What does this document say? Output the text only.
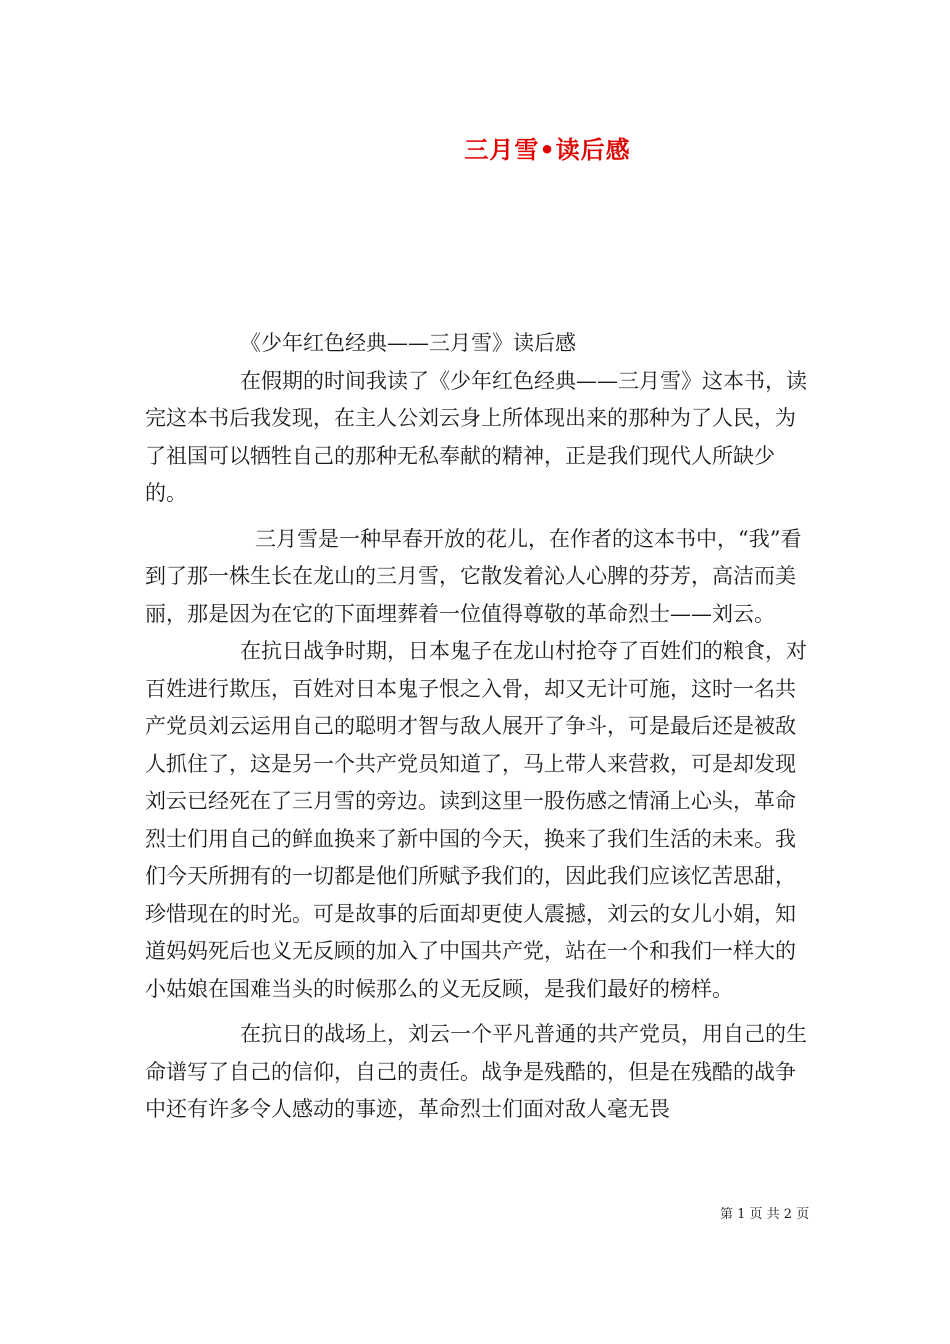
三月雪•读后感

《少年红色经典——三月雪》读后感

在假期的时间我读了《少年红色经典——三月雪》这本书，读完这本书后我发现，在主人公刘云身上所体现出来的那种为了人民，为了祖国可以牺牲自己的那种无私奉献的精神，正是我们现代人所缺少的。

三月雪是一种早春开放的花儿，在作者的这本书中，“我”看到了那一株生长在龙山的三月雪，它散发着沁人心脾的芬芳，高洁而美丽，那是因为在它的下面埋葬着一位值得尊敬的革命烈士——刘云。

在抗日战争时期，日本鬼子在龙山村抢夺了百姓们的粮食，对百姓进行欺压，百姓对日本鬼子恨之入骨，却又无计可施，这时一名共产党员刘云运用自己的聪明才智与敌人展开了争斗，可是最后还是被敌人抓住了，这是另一个共产党员知道了，马上带人来营救，可是却发现刘云已经死在了三月雪的旁边。读到这里一股伤感之情涌上心头，革命烈士们用自己的鲜血换来了新中国的今天，换来了我们生活的未来。我们今天所拥有的一切都是他们所赋予我们的，因此我们应该忆苦思甜，珍惜现在的时光。可是故事的后面却更使人震撼，刘云的女儿小娟，知道妈妈死后也义无反顾的加入了中国共产党，站在一个和我们一样大的小姑娘在国难当头的时候那么的义无反顾，是我们最好的榜样。

在抗日的战场上，刘云一个平凡普通的共产党员，用自己的生命谱写了自己的信仰，自己的责任。战争是残酷的，但是在残酷的战争中还有许多令人感动的事迹，革命烈士们面对敌人毫无畏

第 1 页 共 2 页
